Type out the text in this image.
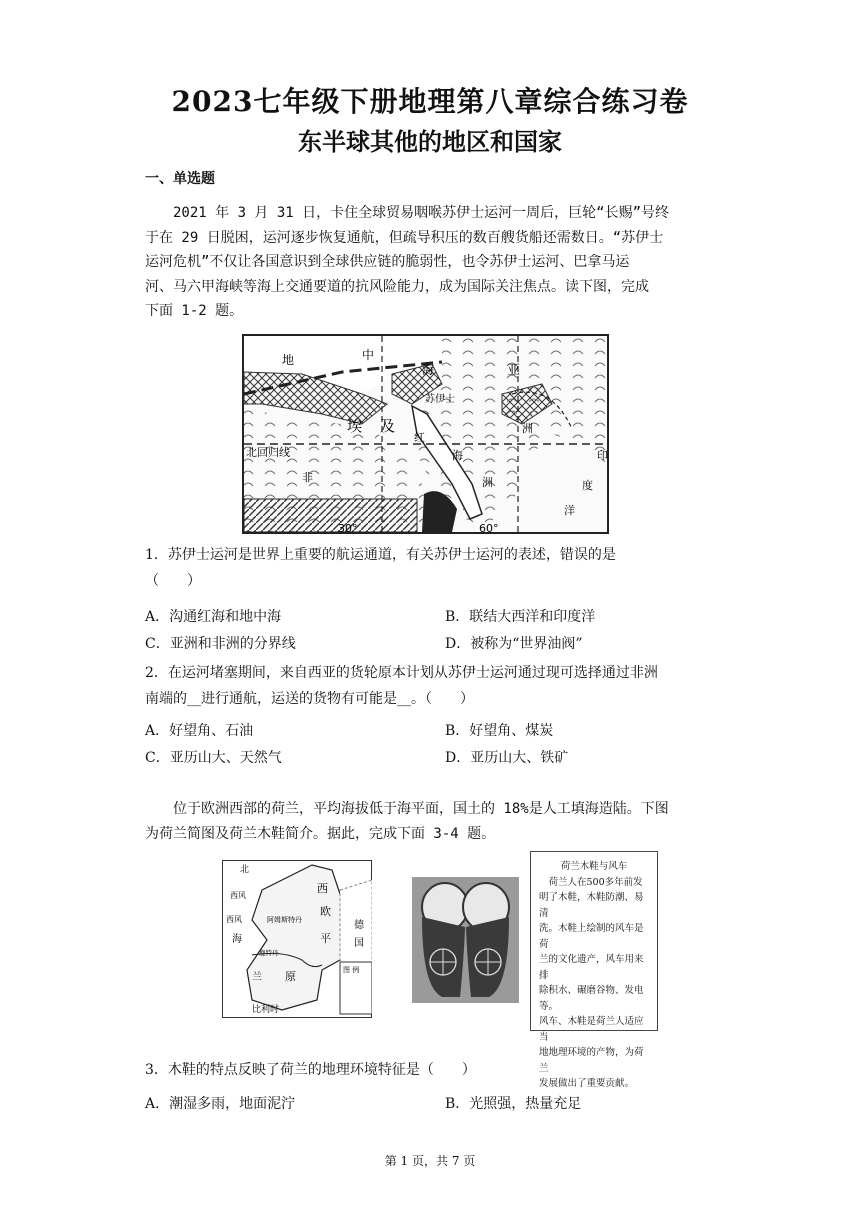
2023七年级下册地理第八章综合练习卷
东半球其他的地区和国家
一、单选题
　　2021 年 3 月 31 日，卡住全球贸易咽喉苏伊士运河一周后，巨轮“长赐”号终
于在 29 日脱困，运河逐步恢复通航，但疏导积压的数百艘货船还需数日。“苏伊士
运河危机”不仅让各国意识到全球供应链的脆弱性，也令苏伊士运河、巴拿马运
河、马六甲海峡等海上交通要道的抗风险能力，成为国际关注焦点。读下图，完成
下面 1-2 题。
地	中
海	亚
苏伊士
埃 及
红
海
洲
北回归线
非	洲
印
度
洋
30°	60°
1．苏伊士运河是世界上重要的航运通道，有关苏伊士运河的表述，错误的是
（　　）
A．沟通红海和地中海	B．联结大西洋和印度洋
C．亚洲和非洲的分界线	D．被称为“世界油阀”
2．在运河堵塞期间，来自西亚的货轮原本计划从苏伊士运河通过现可选择通过非洲
南端的__进行通航，运送的货物有可能是__。（　　）
A．好望角、石油	B．好望角、煤炭
C．亚历山大、天然气	D．亚历山大、铁矿
　　位于欧洲西部的荷兰，平均海拔低于海平面，国土的 18%是人工填海造陆。下图
为荷兰简图及荷兰木鞋简介。据此，完成下面 3-4 题。
北
西风
西风
西
欧
平
原
海
兰
阿姆斯特丹
鹿特丹
德
国
比利时
图 例
荷兰木鞋与风车
　荷兰人在500多年前发
明了木鞋，木鞋防潮、易清
洗。木鞋上绘制的风车是荷
兰的文化遗产，风车用来排
除积水、碾磨谷物、发电等。
风车、木鞋是荷兰人适应当
地地理环境的产物，为荷兰
发展做出了重要贡献。
3．木鞋的特点反映了荷兰的地理环境特征是（　　）
A．潮湿多雨，地面泥泞	B．光照强，热量充足
第 1 页，共 7 页
